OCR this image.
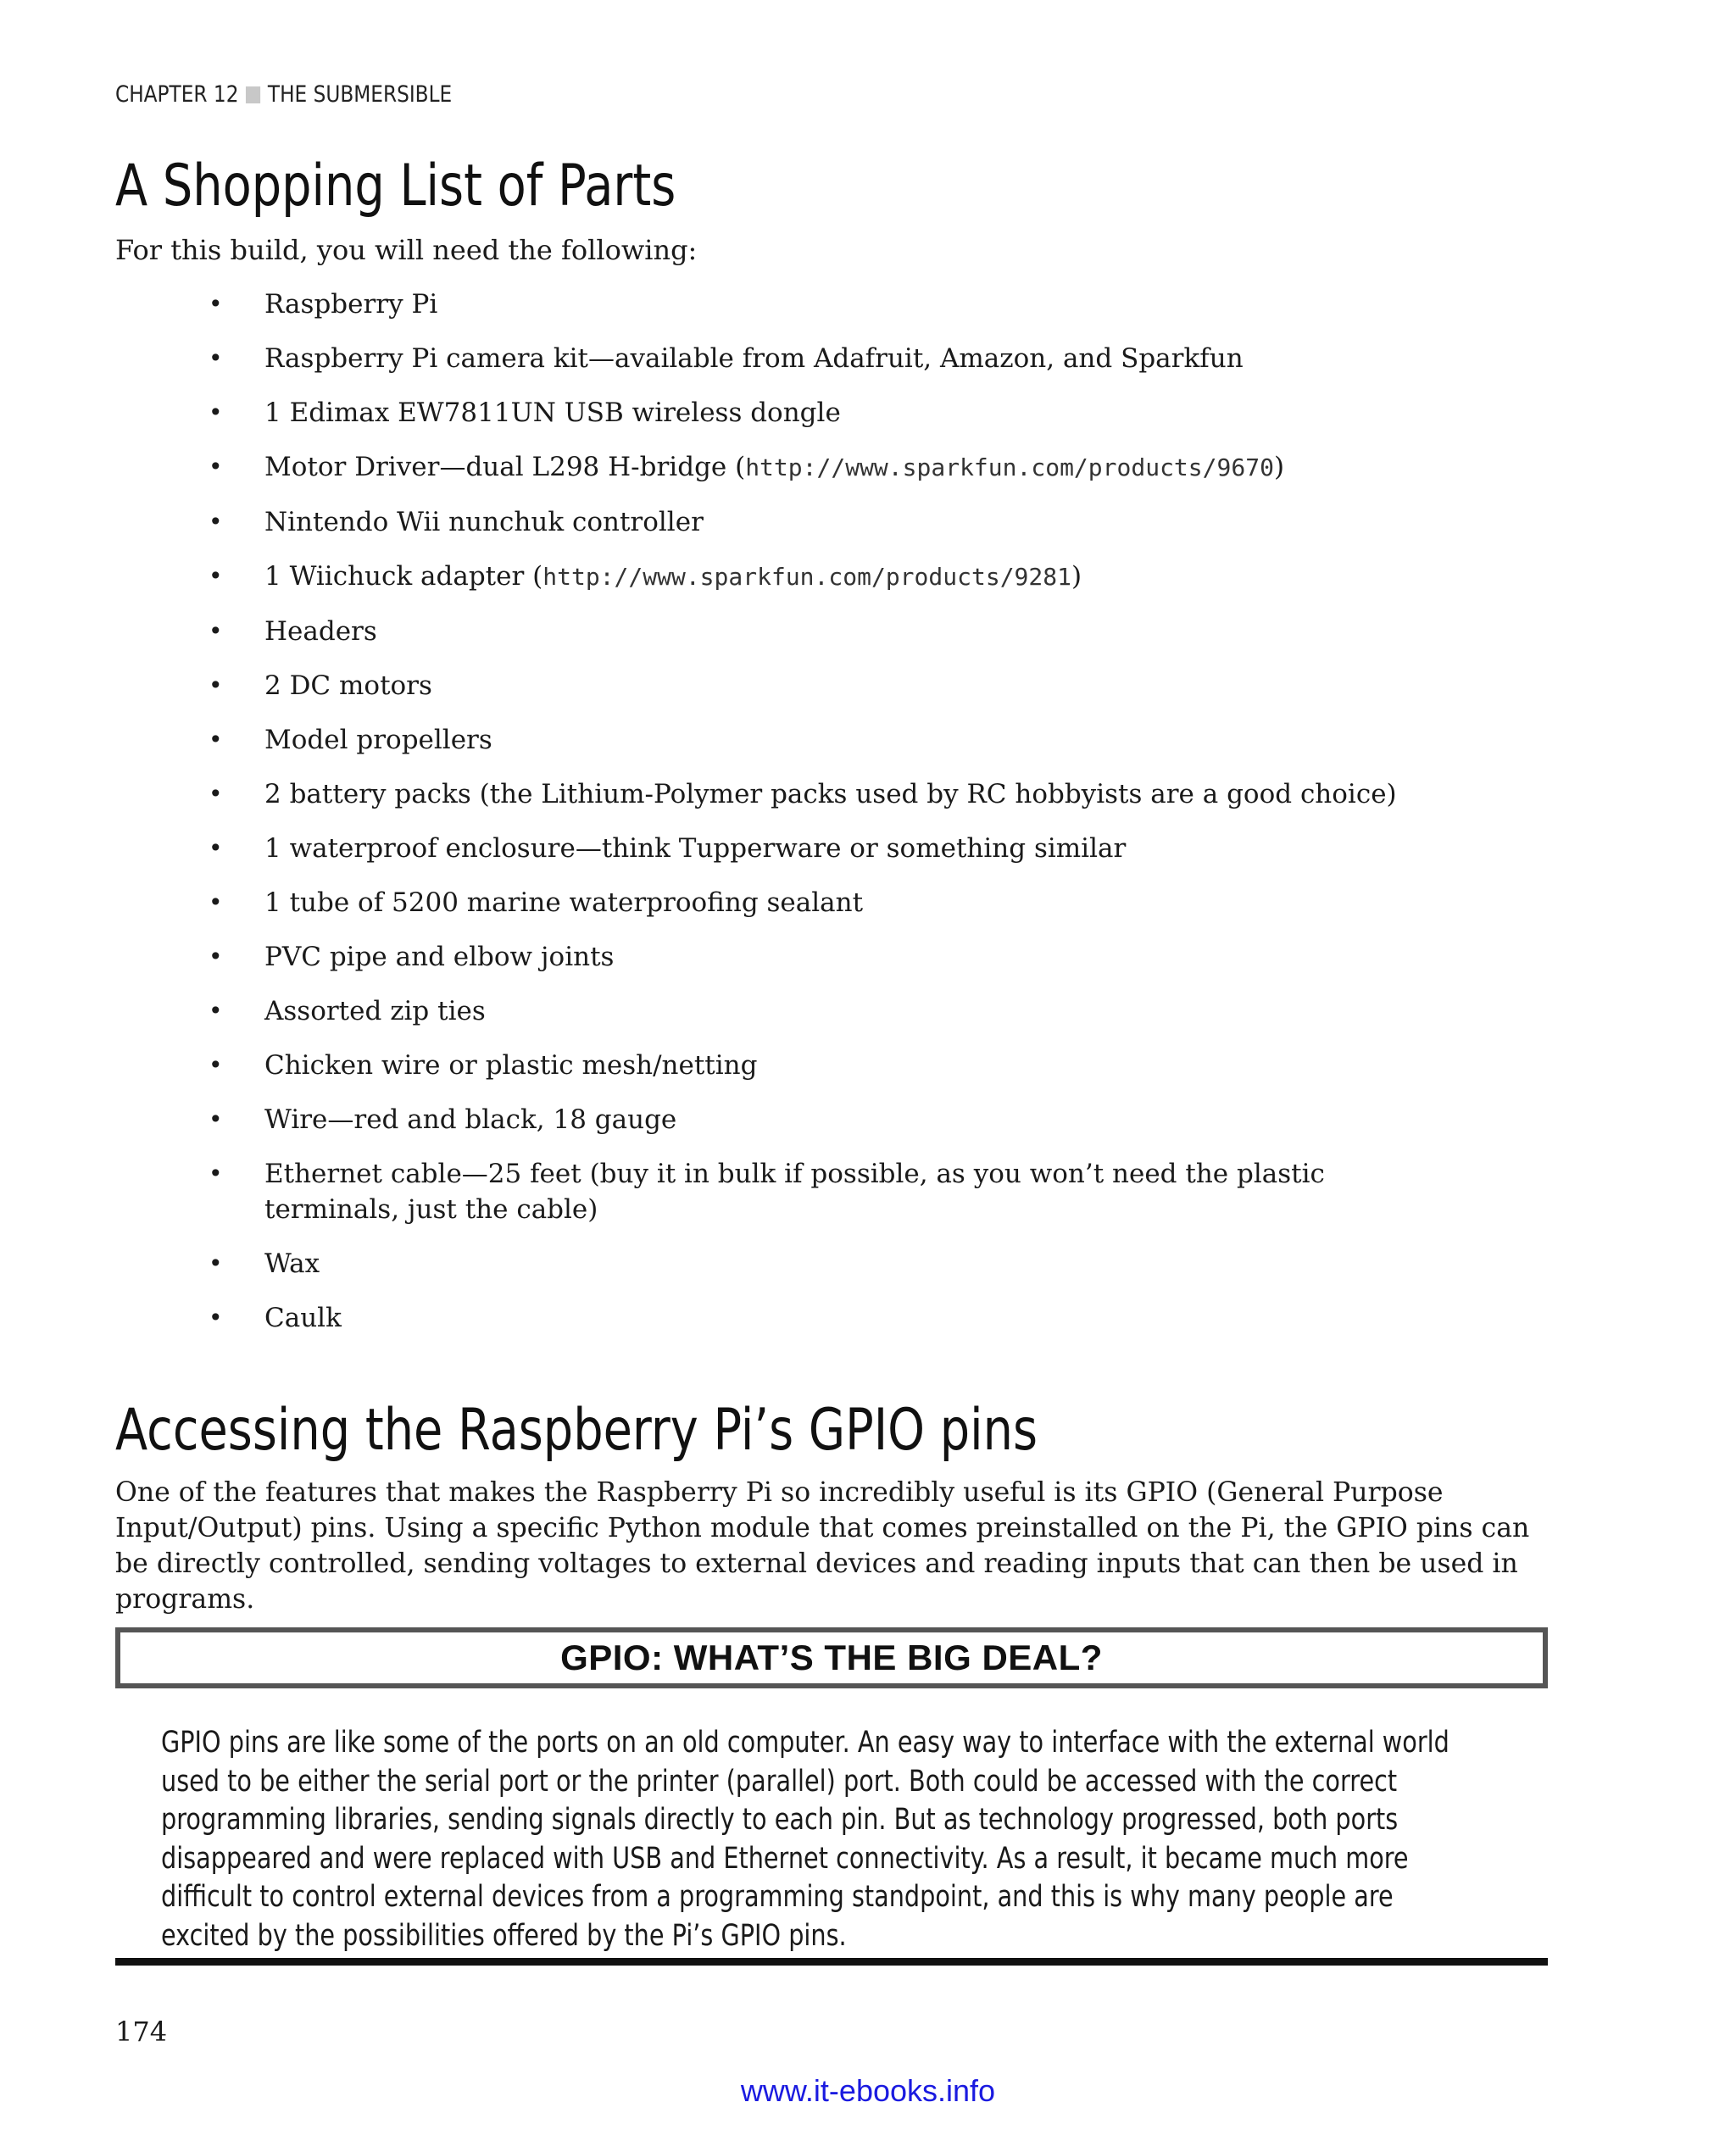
CHAPTER 12 THE SUBMERSIBLE
A Shopping List of Parts

For this build, you will need the following:

• Raspberry Pi
• Raspberry Pi camera kit—available from Adafruit, Amazon, and Sparkfun
• 1 Edimax EW7811UN USB wireless dongle
• Motor Driver—dual L298 H-bridge (http://www.sparkfun.com/products/9670)
• Nintendo Wii nunchuk controller
• 1 Wiichuck adapter (http://www.sparkfun.com/products/9281)
• Headers
• 2 DC motors
• Model propellers
• 2 battery packs (the Lithium-Polymer packs used by RC hobbyists are a good choice)
• 1 waterproof enclosure—think Tupperware or something similar
• 1 tube of 5200 marine waterproofing sealant
• PVC pipe and elbow joints
• Assorted zip ties
• Chicken wire or plastic mesh/netting
• Wire—red and black, 18 gauge
• Ethernet cable—25 feet (buy it in bulk if possible, as you won’t need the plastic terminals, just the cable)
• Wax
• Caulk
Accessing the Raspberry Pi’s GPIO pins

One of the features that makes the Raspberry Pi so incredibly useful is its GPIO (General Purpose Input/Output) pins. Using a specific Python module that comes preinstalled on the Pi, the GPIO pins can be directly controlled, sending voltages to external devices and reading inputs that can then be used in programs.

GPIO: WHAT’S THE BIG DEAL?

GPIO pins are like some of the ports on an old computer. An easy way to interface with the external world used to be either the serial port or the printer (parallel) port. Both could be accessed with the correct programming libraries, sending signals directly to each pin. But as technology progressed, both ports disappeared and were replaced with USB and Ethernet connectivity. As a result, it became much more difficult to control external devices from a programming standpoint, and this is why many people are excited by the possibilities offered by the Pi’s GPIO pins.

174

www.it-ebooks.info
